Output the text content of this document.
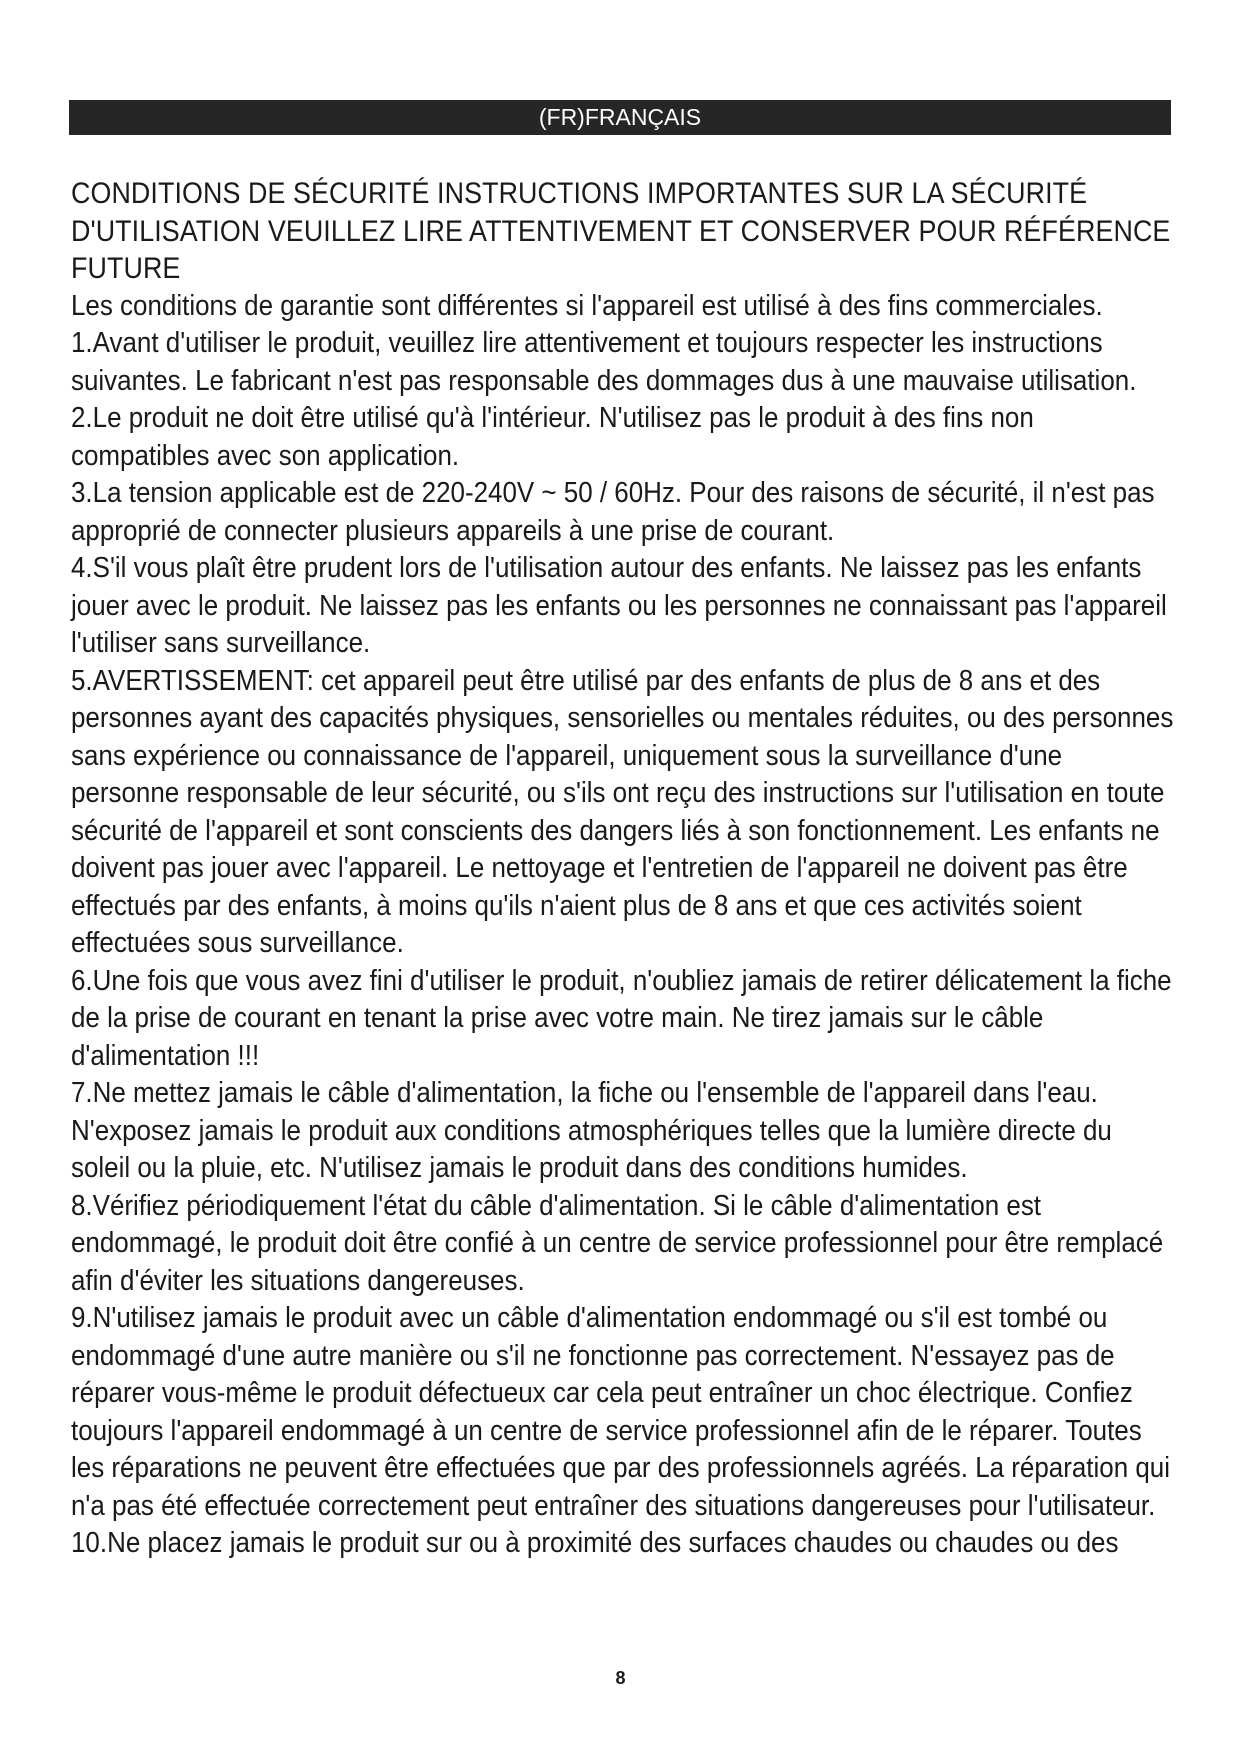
(FR)FRANÇAIS
CONDITIONS DE SÉCURITÉ INSTRUCTIONS IMPORTANTES SUR LA SÉCURITÉ D'UTILISATION VEUILLEZ LIRE ATTENTIVEMENT ET CONSERVER POUR RÉFÉRENCE FUTURE

Les conditions de garantie sont différentes si l'appareil est utilisé à des fins commerciales.

1.Avant d'utiliser le produit, veuillez lire attentivement et toujours respecter les instructions suivantes. Le fabricant n'est pas responsable des dommages dus à une mauvaise utilisation.

2.Le produit ne doit être utilisé qu'à l'intérieur. N'utilisez pas le produit à des fins non compatibles avec son application.

3.La tension applicable est de 220-240V ~ 50 / 60Hz. Pour des raisons de sécurité, il n'est pas approprié de connecter plusieurs appareils à une prise de courant.

4.S'il vous plaît être prudent lors de l'utilisation autour des enfants. Ne laissez pas les enfants jouer avec le produit. Ne laissez pas les enfants ou les personnes ne connaissant pas l'appareil l'utiliser sans surveillance.

5.AVERTISSEMENT: cet appareil peut être utilisé par des enfants de plus de 8 ans et des personnes ayant des capacités physiques, sensorielles ou mentales réduites, ou des personnes sans expérience ou connaissance de l'appareil, uniquement sous la surveillance d'une personne responsable de leur sécurité, ou s'ils ont reçu des instructions sur l'utilisation en toute sécurité de l'appareil et sont conscients des dangers liés à son fonctionnement. Les enfants ne doivent pas jouer avec l'appareil. Le nettoyage et l'entretien de l'appareil ne doivent pas être effectués par des enfants, à moins qu'ils n'aient plus de 8 ans et que ces activités soient effectuées sous surveillance.

6.Une fois que vous avez fini d'utiliser le produit, n'oubliez jamais de retirer délicatement la fiche de la prise de courant en tenant la prise avec votre main. Ne tirez jamais sur le câble d'alimentation !!!

7.Ne mettez jamais le câble d'alimentation, la fiche ou l'ensemble de l'appareil dans l'eau. N'exposez jamais le produit aux conditions atmosphériques telles que la lumière directe du soleil ou la pluie, etc. N'utilisez jamais le produit dans des conditions humides.

8.Vérifiez périodiquement l'état du câble d'alimentation. Si le câble d'alimentation est endommagé, le produit doit être confié à un centre de service professionnel pour être remplacé afin d'éviter les situations dangereuses.

9.N'utilisez jamais le produit avec un câble d'alimentation endommagé ou s'il est tombé ou endommagé d'une autre manière ou s'il ne fonctionne pas correctement. N'essayez pas de réparer vous-même le produit défectueux car cela peut entraîner un choc électrique. Confiez toujours l'appareil endommagé à un centre de service professionnel afin de le réparer. Toutes les réparations ne peuvent être effectuées que par des professionnels agréés. La réparation qui n'a pas été effectuée correctement peut entraîner des situations dangereuses pour l'utilisateur.

10.Ne placez jamais le produit sur ou à proximité des surfaces chaudes ou chaudes ou des

8
